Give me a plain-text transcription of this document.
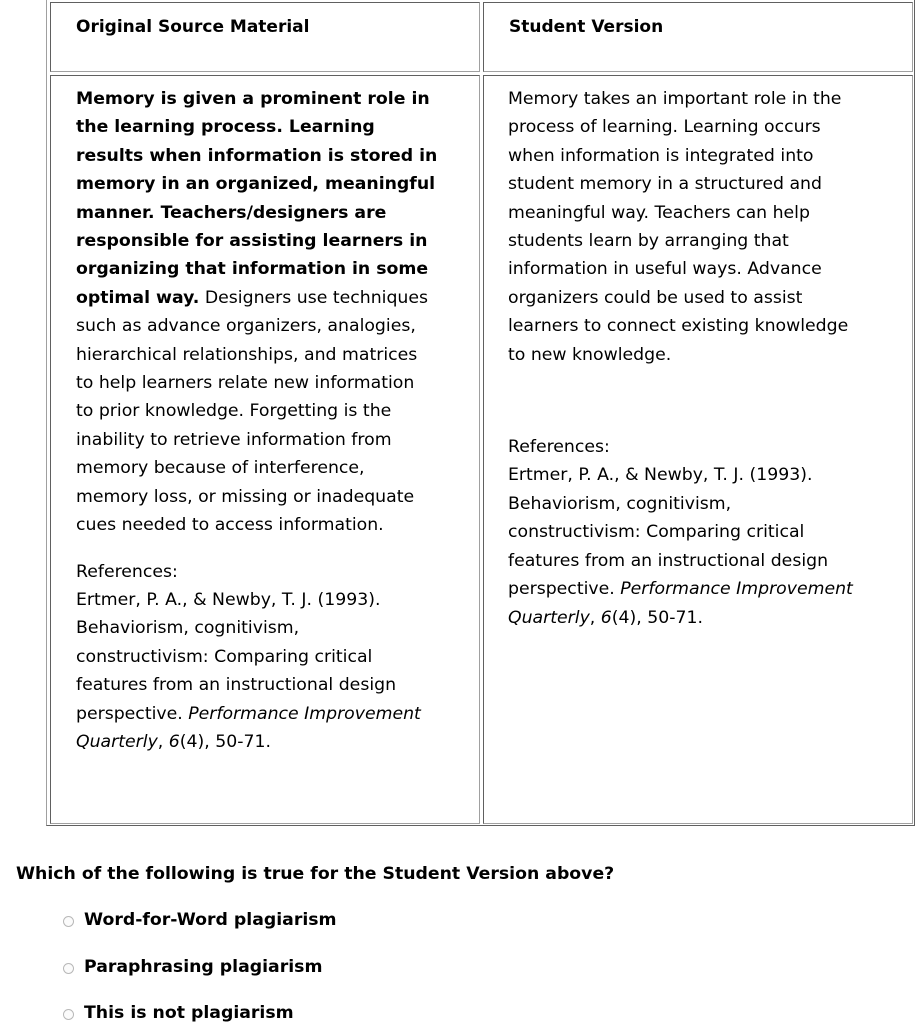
Original Source Material	Student Version

Memory is given a prominent role in

the learning process. Learning

results when information is stored in

memory in an organized, meaningful

manner. Teachers/designers are

responsible for assisting learners in

organizing that information in some

optimal way. Designers use techniques

such as advance organizers, analogies,

hierarchical relationships, and matrices

to help learners relate new information

to prior knowledge. Forgetting is the

inability to retrieve information from

memory because of interference,

memory loss, or missing or inadequate

cues needed to access information.

References:

Ertmer, P. A., & Newby, T. J. (1993).

Behaviorism, cognitivism,

constructivism: Comparing critical

features from an instructional design

perspective. Performance Improvement

Quarterly, 6(4), 50-71.

Memory takes an important role in the

process of learning. Learning occurs

when information is integrated into

student memory in a structured and

meaningful way. Teachers can help

students learn by arranging that

information in useful ways. Advance

organizers could be used to assist

learners to connect existing knowledge

to new knowledge.

References:

Ertmer, P. A., & Newby, T. J. (1993).

Behaviorism, cognitivism,

constructivism: Comparing critical

features from an instructional design

perspective. Performance Improvement

Quarterly, 6(4), 50-71.

Which of the following is true for the Student Version above?
Word-for-Word plagiarism
Paraphrasing plagiarism
This is not plagiarism
